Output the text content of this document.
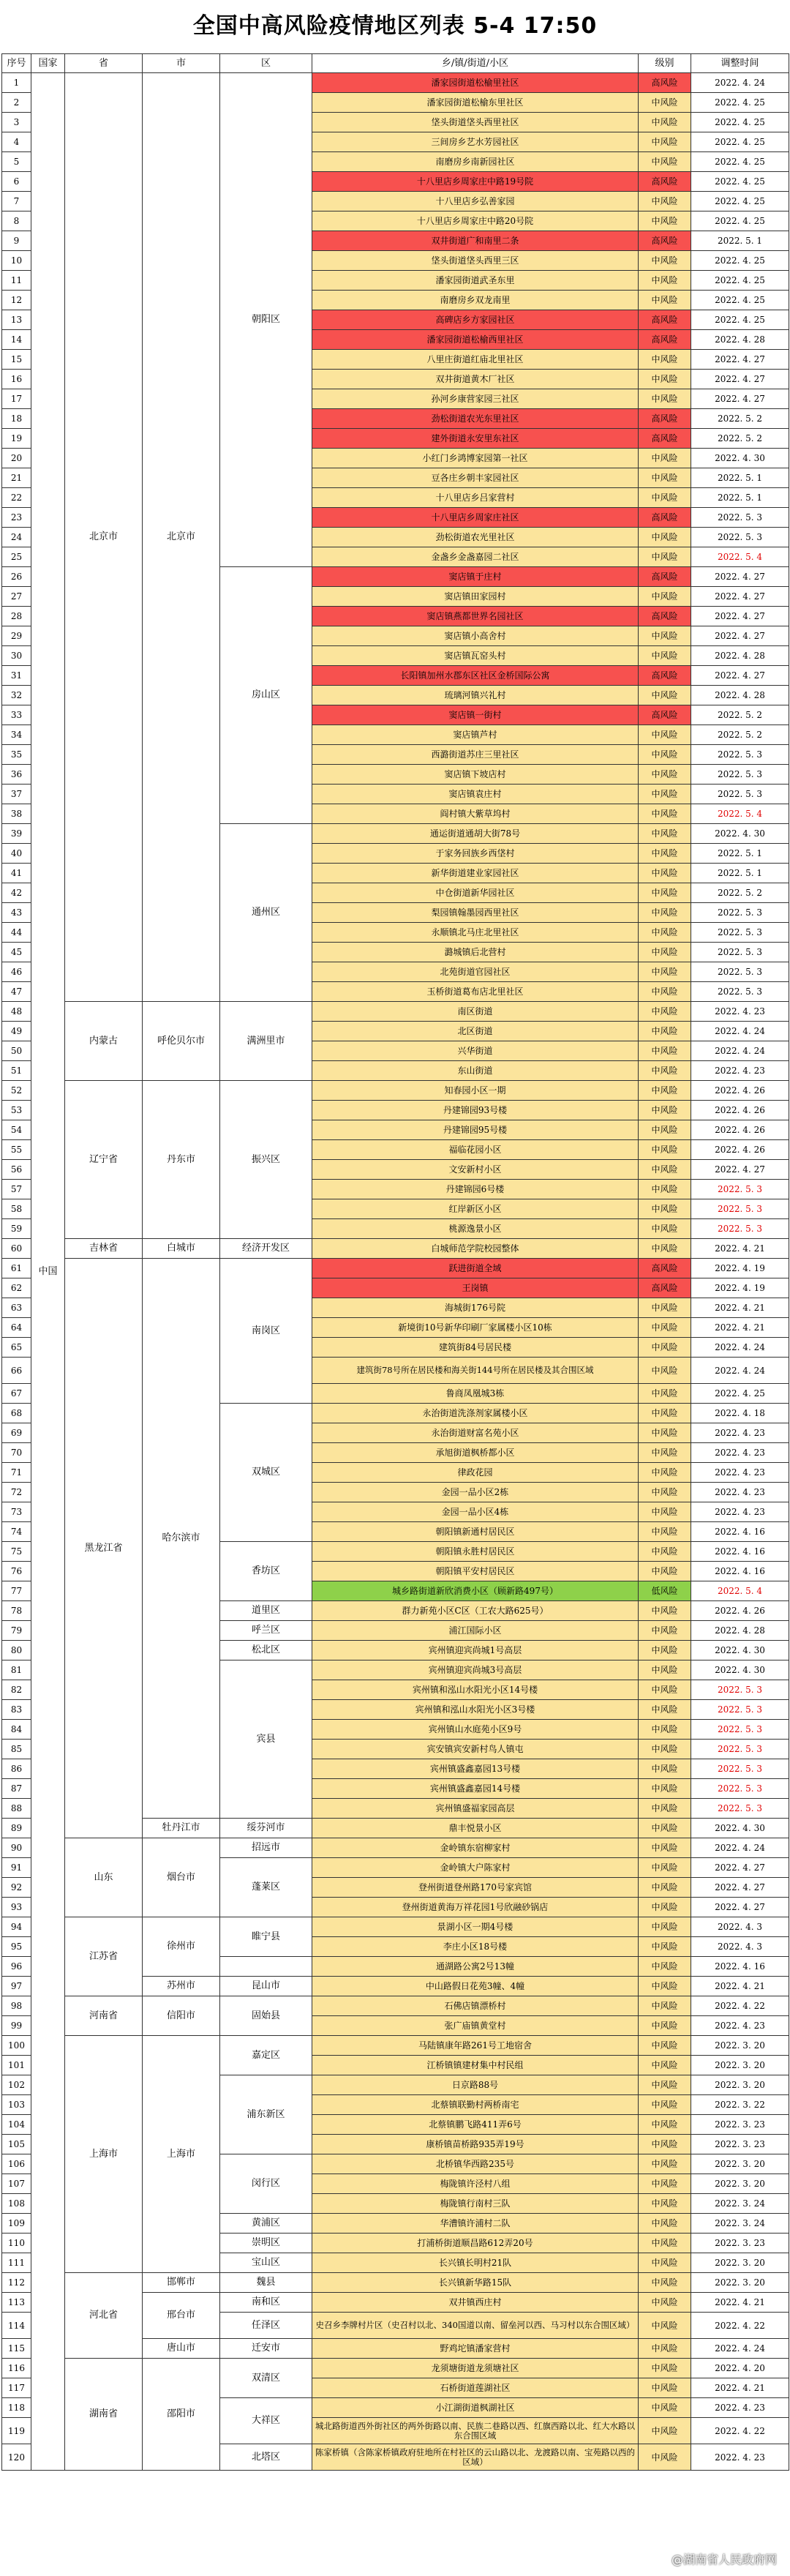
全国中高风险疫情地区列表 5-4 17:50
序号	国家	省	市	区	乡/镇/街道/小区	级别	调整时间
1	中国	北京市	北京市	朝阳区	潘家园街道松榆里社区	高风险	2022. 4. 24
2					潘家园街道松榆东里社区	中风险	2022. 4. 25
3					垡头街道垡头西里社区	中风险	2022. 4. 25
4					三间房乡艺水芳园社区	中风险	2022. 4. 25
5					南磨房乡南新园社区	中风险	2022. 4. 25
6					十八里店乡周家庄中路19号院	高风险	2022. 4. 25
7					十八里店乡弘善家园	中风险	2022. 4. 25
8					十八里店乡周家庄中路20号院	中风险	2022. 4. 25
9					双井街道广和南里二条	高风险	2022. 5. 1
10					垡头街道垡头西里三区	中风险	2022. 4. 25
11					潘家园街道武圣东里	中风险	2022. 4. 25
12					南磨房乡双龙南里	中风险	2022. 4. 25
13					高碑店乡方家园社区	高风险	2022. 4. 25
14					潘家园街道松榆西里社区	高风险	2022. 4. 28
15					八里庄街道红庙北里社区	中风险	2022. 4. 27
16					双井街道黄木厂社区	中风险	2022. 4. 27
17					孙河乡康营家园三社区	中风险	2022. 4. 27
18					劲松街道农光东里社区	高风险	2022. 5. 2
19					建外街道永安里东社区	高风险	2022. 5. 2
20					小红门乡鸿博家园第一社区	中风险	2022. 4. 30
21					豆各庄乡朝丰家园社区	中风险	2022. 5. 1
22					十八里店乡吕家营村	中风险	2022. 5. 1
23					十八里店乡周家庄社区	高风险	2022. 5. 3
24					劲松街道农光里社区	中风险	2022. 5. 3
25					金盏乡金盏嘉园二社区	中风险	2022. 5. 4
26				房山区	窦店镇于庄村	高风险	2022. 4. 27
27					窦店镇田家园村	中风险	2022. 4. 27
28					窦店镇燕都世界名园社区	高风险	2022. 4. 27
29					窦店镇小高舍村	中风险	2022. 4. 27
30					窦店镇瓦窑头村	中风险	2022. 4. 28
31					长阳镇加州水郡东区社区金桥国际公寓	高风险	2022. 4. 27
32					琉璃河镇兴礼村	中风险	2022. 4. 28
33					窦店镇一街村	高风险	2022. 5. 2
34					窦店镇芦村	中风险	2022. 5. 2
35					西潞街道苏庄三里社区	中风险	2022. 5. 3
36					窦店镇下坡店村	中风险	2022. 5. 3
37					窦店镇袁庄村	中风险	2022. 5. 3
38					阎村镇大紫草坞村	中风险	2022. 5. 4
39				通州区	通运街道通胡大街78号	中风险	2022. 4. 30
40					于家务回族乡西垡村	中风险	2022. 5. 1
41					新华街道建业家园社区	中风险	2022. 5. 1
42					中仓街道新华园社区	中风险	2022. 5. 2
43					梨园镇翰墨园西里社区	中风险	2022. 5. 3
44					永顺镇北马庄北里社区	中风险	2022. 5. 3
45					潞城镇后北营村	中风险	2022. 5. 3
46					北苑街道官园社区	中风险	2022. 5. 3
47					玉桥街道葛布店北里社区	中风险	2022. 5. 3
48		内蒙古	呼伦贝尔市	满洲里市	南区街道	中风险	2022. 4. 23
49					北区街道	中风险	2022. 4. 24
50					兴华街道	中风险	2022. 4. 24
51					东山街道	中风险	2022. 4. 23
52		辽宁省	丹东市	振兴区	知春园小区一期	中风险	2022. 4. 26
53					丹建锦园93号楼	中风险	2022. 4. 26
54					丹建锦园95号楼	中风险	2022. 4. 26
55					福临花园小区	中风险	2022. 4. 26
56					文安新村小区	中风险	2022. 4. 27
57					丹建锦园6号楼	中风险	2022. 5. 3
58					红岸新区小区	中风险	2022. 5. 3
59					桃源逸景小区	中风险	2022. 5. 3
60		吉林省	白城市	经济开发区	白城师范学院校园整体	中风险	2022. 4. 21
61		黑龙江省	哈尔滨市	南岗区	跃进街道全域	高风险	2022. 4. 19
62					王岗镇	高风险	2022. 4. 19
63					海城街176号院	中风险	2022. 4. 21
64					新境街10号新华印刷厂家属楼小区10栋	中风险	2022. 4. 21
65					建筑街84号居民楼	中风险	2022. 4. 24
66					建筑街78号所在居民楼和海关街144号所在居民楼及其合围区域	中风险	2022. 4. 24
67					鲁商凤凰城3栋	中风险	2022. 4. 25
68				双城区	永治街道洗涤剂家属楼小区	中风险	2022. 4. 18
69					永治街道财富名苑小区	中风险	2022. 4. 23
70					承旭街道枫桥都小区	中风险	2022. 4. 23
71					律政花园	中风险	2022. 4. 23
72					金园一品小区2栋	中风险	2022. 4. 23
73					金园一品小区4栋	中风险	2022. 4. 23
74					朝阳镇新通村居民区	中风险	2022. 4. 16
75				香坊区	朝阳镇永胜村居民区	中风险	2022. 4. 16
76					朝阳镇平安村居民区	中风险	2022. 4. 16
77					城乡路街道新欣消费小区（顾新路497号）	低风险	2022. 5. 4
78				道里区	群力新苑小区C区（工农大路625号）	中风险	2022. 4. 26
79				呼兰区	浦江国际小区	中风险	2022. 4. 28
80				松北区	宾州镇迎宾尚城1号高层	中风险	2022. 4. 30
81				宾县	宾州镇迎宾尚城3号高层	中风险	2022. 4. 30
82					宾州镇和泓山水阳光小区14号楼	中风险	2022. 5. 3
83					宾州镇和泓山水阳光小区3号楼	中风险	2022. 5. 3
84					宾州镇山水庭苑小区9号	中风险	2022. 5. 3
85					宾安镇宾安新村鸟人镇屯	中风险	2022. 5. 3
86					宾州镇盛鑫嘉园13号楼	中风险	2022. 5. 3
87					宾州镇盛鑫嘉园14号楼	中风险	2022. 5. 3
88					宾州镇盛福家园高层	中风险	2022. 5. 3
89			牡丹江市	绥芬河市	鼎丰悦景小区	中风险	2022. 4. 30
90		山东	烟台市	招远市	金岭镇东宿柳家村	中风险	2022. 4. 24
91				蓬莱区	金岭镇大户陈家村	中风险	2022. 4. 27
92					登州街道登州路170号家宾馆	中风险	2022. 4. 27
93					登州街道黄海万祥花园1号欣融砂锅店	中风险	2022. 4. 27
94		江苏省	徐州市	睢宁县	景湖小区一期4号楼	中风险	2022. 4. 3
95					李庄小区18号楼	中风险	2022. 4. 3
96					通湖路公寓2号13幢	中风险	2022. 4. 16
97			苏州市	昆山市	中山路假日花苑3幢、4幢	中风险	2022. 4. 21
98		河南省	信阳市	固始县	石佛店镇漂桥村	中风险	2022. 4. 22
99					张广庙镇黄堂村	中风险	2022. 4. 23
100		上海市	上海市	嘉定区	马陆镇康年路261号工地宿舍	中风险	2022. 3. 20
101					江桥镇镇建材集中村民组	中风险	2022. 3. 20
102				浦东新区	日京路88号	中风险	2022. 3. 20
103					北蔡镇联勤村两桥南宅	中风险	2022. 3. 22
104					北蔡镇鹏飞路411弄6号	中风险	2022. 3. 23
105					康桥镇苗桥路935弄19号	中风险	2022. 3. 23
106				闵行区	北桥镇华西路235号	中风险	2022. 3. 20
107					梅陇镇许泾村八组	中风险	2022. 3. 20
108					梅陇镇行南村三队	中风险	2022. 3. 24
109				黄浦区	华漕镇许浦村二队	中风险	2022. 3. 24
110				崇明区	打浦桥街道顺昌路612弄20号	中风险	2022. 3. 23
111				宝山区	长兴镇长明村21队	中风险	2022. 3. 20
112		河北省	邯郸市	魏县	长兴镇新华路15队	中风险	2022. 3. 20
113			邢台市	南和区	双井镇西庄村	中风险	2022. 4. 21
114				任泽区	史召乡李牌村片区（史召村以北、340国道以南、留垒河以西、马习村以东合围区域）	中风险	2022. 4. 22
115			唐山市	迁安市	野鸡坨镇潘家营村	中风险	2022. 4. 24
116		湖南省	邵阳市	双清区	龙须塘街道龙须塘社区	中风险	2022. 4. 20
117					石桥街道莲湖社区	中风险	2022. 4. 21
118				大祥区	小江湖街道枫湖社区	中风险	2022. 4. 23
119					城北路街道西外街社区的两外街路以南、民族二巷路以西、红旗西路以北、红大水路以东合围区域	中风险	2022. 4. 22
120				北塔区	陈家桥镇（含陈家桥镇政府驻地所在村社区的云山路以北、龙渡路以南、宝苑路以西的区域）	中风险	2022. 4. 23
@湖南省人民政府网
